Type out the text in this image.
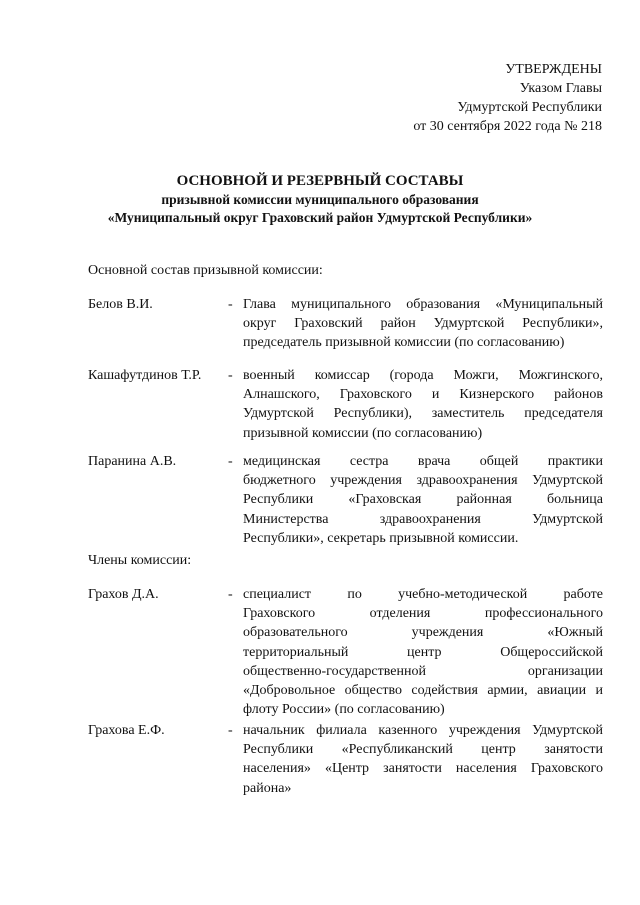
УТВЕРЖДЕНЫ
Указом Главы
Удмуртской Республики
от 30 сентября 2022 года № 218
ОСНОВНОЙ И РЕЗЕРВНЫЙ СОСТАВЫ
призывной комиссии муниципального образования
«Муниципальный округ Граховский район Удмуртской Республики»
Основной состав призывной комиссии:
Белов В.И.	- Глава муниципального образования «Муниципальный
округ Граховский район Удмуртской Республики»,
председатель призывной комиссии (по согласованию)
Кашафутдинов Т.Р. - военный комиссар (города Можги, Можгинского,
Алнашского, Граховского и Кизнерского районов
Удмуртской Республики), заместитель председателя
призывной комиссии (по согласованию)
Паранина А.В.	- медицинская сестра врача общей практики
бюджетного учреждения здравоохранения Удмуртской
Республики	«Граховская	районная	больница
Министерства	здравоохранения	Удмуртской
Республики», секретарь призывной комиссии.
Члены комиссии:
Грахов Д.А.	- специалист	по	учебно-методической	работе
Граховского	отделения	профессионального
образовательного	учреждения	«Южный
территориальный	центр	Общероссийской
общественно-государственной	организации
«Добровольное общество содействия армии, авиации и
флоту России» (по согласованию)
Грахова Е.Ф.	- начальник филиала казенного учреждения Удмуртской
Республики «Республиканский центр занятости
населения» «Центр занятости населения Граховского
района»
